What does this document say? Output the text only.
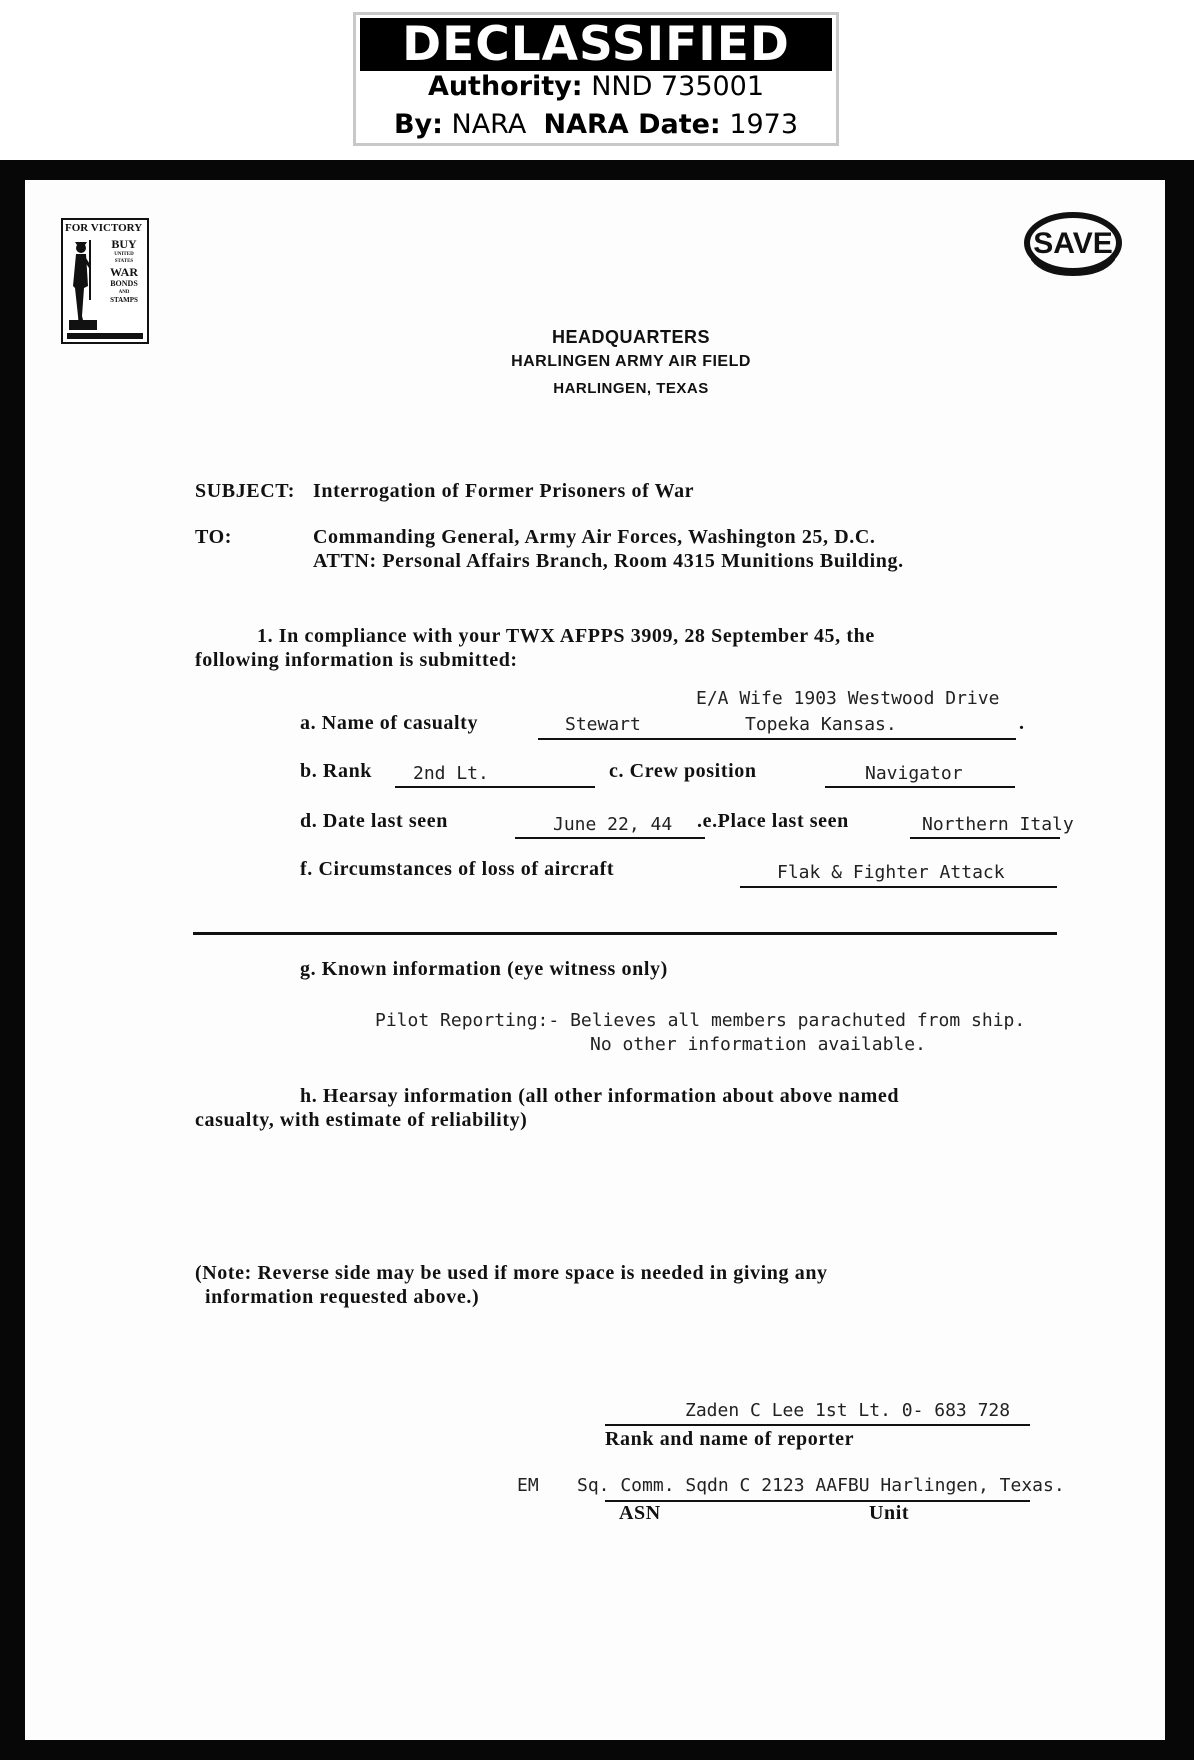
DECLASSIFIED
Authority: NND 735001
By: NARA NARA Date: 1973
FOR VICTORY
BUY
UNITED
STATES
WAR
BONDS
AND
STAMPS
SAVE
HEADQUARTERS
HARLINGEN ARMY AIR FIELD
HARLINGEN, TEXAS
SUBJECT: Interrogation of Former Prisoners of War
TO:	Commanding General, Army Air Forces, Washington 25, D.C.
ATTN: Personal Affairs Branch, Room 4315 Munitions Building.
1. In compliance with your TWX AFPPS 3909, 28 September 45, the
following information is submitted:
E/A Wife 1903 Westwood Drive
a. Name of casualty	Stewart	Topeka Kansas.	.
b. Rank 2nd Lt.	c. Crew position	Navigator
d. Date last seen	June 22, 44 .e.Place last seen	Northern Italy
f. Circumstances of loss of aircraft	Flak & Fighter Attack
g. Known information (eye witness only)
Pilot Reporting:- Believes all members parachuted from ship.
No other information available.
h. Hearsay information (all other information about above named
casualty, with estimate of reliability)
(Note: Reverse side may be used if more space is needed in giving any
information requested above.)
Zaden C Lee 1st Lt. 0- 683 728
Rank and name of reporter
EM Sq. Comm. Sqdn C 2123 AAFBU Harlingen, Texas.
ASN	Unit
